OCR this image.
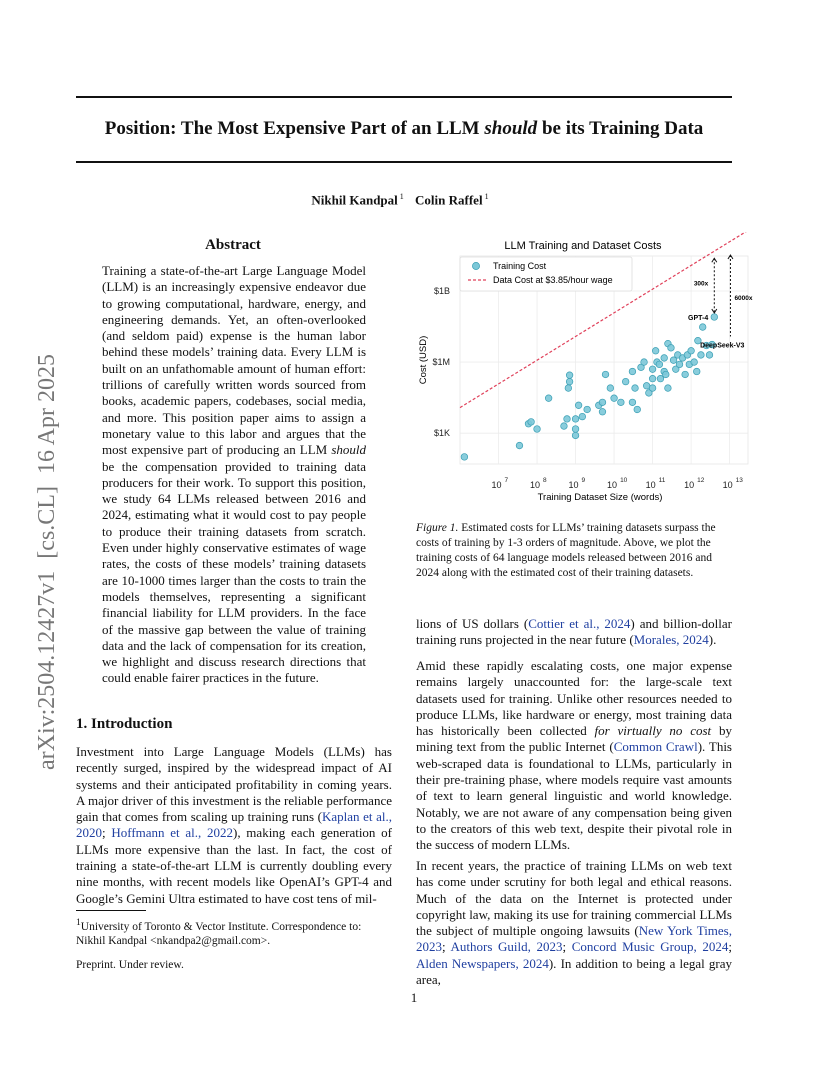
Position: The Most Expensive Part of an LLM should be its Training Data
Nikhil Kandpal $^1$ Colin Raffel $^1$
arXiv:2504.12427v1  [cs.CL]  16 Apr 2025
Abstract
Training a state-of-the-art Large Language Model (LLM) is an increasingly expensive endeavor due to growing computational, hardware, energy, and engineering demands. Yet, an often-overlooked (and seldom paid) expense is the human labor behind these models’ training data. Every LLM is built on an unfathomable amount of human effort: trillions of carefully written words sourced from books, academic papers, codebases, social media, and more. This position paper aims to assign a monetary value to this labor and argues that the most expensive part of producing an LLM should be the compensation provided to training data producers for their work. To support this position, we study 64 LLMs released between 2016 and 2024, estimating what it would cost to pay people to produce their training datasets from scratch. Even under highly conservative estimates of wage rates, the costs of these models’ training datasets are 10-1000 times larger than the costs to train the models themselves, representing a significant financial liability for LLM providers. In the face of the massive gap between the value of training data and the lack of compensation for its creation, we highlight and discuss research directions that could enable fairer practices in the future.
1. Introduction
Investment into Large Language Models (LLMs) has recently surged, inspired by the widespread impact of AI systems and their anticipated profitability in coming years. A major driver of this investment is the reliable performance gain that comes from scaling up training runs (Kaplan et al., 2020; Hoffmann et al., 2022), making each generation of LLMs more expensive than the last. In fact, the cost of training a state-of-the-art LLM is currently doubling every nine months, with recent models like OpenAI’s GPT-4 and Google’s Gemini Ultra estimated to have cost tens of mil-
$^1$University of Toronto & Vector Institute. Correspondence to: Nikhil Kandpal <nkandpa2@gmail.com>.
Preprint. Under review.
1
LLM Training and Dataset Costs
10 7 10 8 10 9 10 10 10 11 10 12 10 13
$1K
$1M
$1B
GPT-4
DeepSeek-V3
300x
6000x
Training Cost
Data Cost at $3.85/hour wage
Training Dataset Size (words)
Cost (USD)
Figure 1. Estimated costs for LLMs’ training datasets surpass the costs of training by 1-3 orders of magnitude. Above, we plot the training costs of 64 language models released between 2016 and 2024 along with the estimated cost of their training datasets.
lions of US dollars (Cottier et al., 2024) and billion-dollar training runs projected in the near future (Morales, 2024).
Amid these rapidly escalating costs, one major expense remains largely unaccounted for: the large-scale text datasets used for training. Unlike other resources needed to produce LLMs, like hardware or energy, most training data has historically been collected for virtually no cost by mining text from the public Internet (Common Crawl). This web-scraped data is foundational to LLMs, particularly in their pre-training phase, where models require vast amounts of text to learn general linguistic and world knowledge. Notably, we are not aware of any compensation being given to the creators of this web text, despite their pivotal role in the success of modern LLMs.
In recent years, the practice of training LLMs on web text has come under scrutiny for both legal and ethical reasons. Much of the data on the Internet is protected under copyright law, making its use for training commercial LLMs the subject of multiple ongoing lawsuits (New York Times, 2023; Authors Guild, 2023; Concord Music Group, 2024; Alden Newspapers, 2024). In addition to being a legal gray area,
